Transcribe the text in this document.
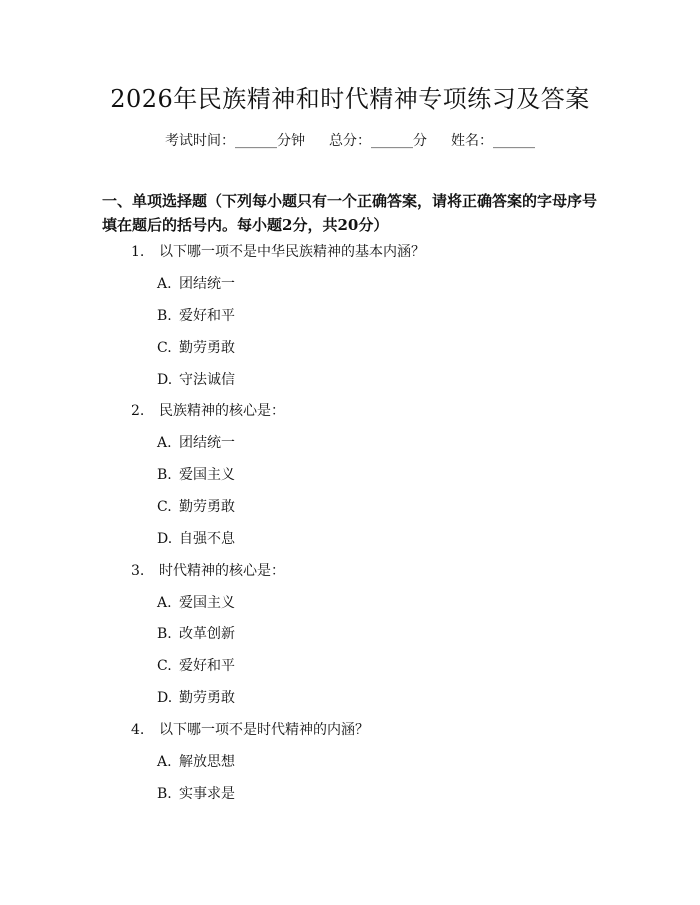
2026年民族精神和时代精神专项练习及答案
考试时间：______分钟 总分：______分 姓名：______
一、单项选择题（下列每小题只有一个正确答案，请将正确答案的字母序号填在题后的括号内。每小题2分，共20分）
1. 以下哪一项不是中华民族精神的基本内涵？
A. 团结统一
B. 爱好和平
C. 勤劳勇敢
D. 守法诚信
2. 民族精神的核心是：
A. 团结统一
B. 爱国主义
C. 勤劳勇敢
D. 自强不息
3. 时代精神的核心是：
A. 爱国主义
B. 改革创新
C. 爱好和平
D. 勤劳勇敢
4. 以下哪一项不是时代精神的内涵？
A. 解放思想
B. 实事求是
